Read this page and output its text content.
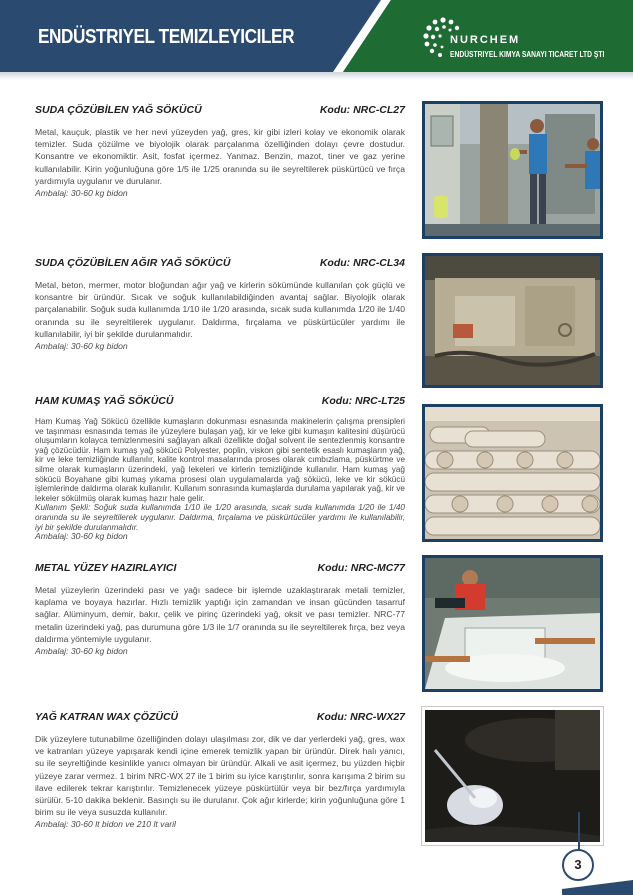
ENDÜSTRIYEL TEMIZLEYICILER	NURCHEM
ENDÜSTRIYEL KIMYA SANAYI TICARET LTD ŞTI
SUDA ÇÖZÜBİLEN YAĞ SÖKÜCÜ	Kodu: NRC-CL27

Metal, kauçuk, plastik ve her nevi yüzeyden yağ, gres, kir gibi izleri kolay ve ekonomik olarak temizler. Suda çözülme ve biyolojik olarak parçalanma özelliğinden dolayı çevre dostudur. Konsantre ve ekonomiktir. Asit, fosfat içermez. Yanmaz. Benzin, mazot, tiner ve gaz yerine kullanılabilir. Kirin yoğunluğuna göre 1/5 ile 1/25 oranında su ile seyreltilerek püskürtücü ve fırça yardımıyla uygulanır ve durulanır.

Ambalaj: 30-60 kg bidon

SUDA ÇÖZÜBİLEN AĞIR YAĞ SÖKÜCÜ	Kodu: NRC-CL34

Metal, beton, mermer, motor bloğundan ağır yağ ve kirlerin sökümünde kullanılan çok güçlü ve konsantre bir üründür. Sıcak ve soğuk kullanılabildiğinden avantaj sağlar. Biyolojik olarak parçalanabilir. Soğuk suda kullanımda 1/10 ile 1/20 arasında, sıcak suda kullanımda 1/20 ile 1/40 oranında su ile seyreltilerek uygulanır. Daldırma, fırçalama ve püskürtücüler yardımı ile kullanılabilir, iyi bir şekilde durulanmalıdır.

Ambalaj: 30-60 kg bidon

HAM KUMAŞ YAĞ SÖKÜCÜ	Kodu: NRC-LT25

Ham Kumaş Yağ Sökücü özellikle kumaşların dokunması esnasında makinelerin çalışma prensipleri ve taşınması esnasında temas ile yüzeylere bulaşan yağ, kir ve leke gibi kumaşın kalitesini düşürücü oluşumların kolayca temizlenmesini sağlayan alkali özellikte doğal solvent ile sentezlenmiş konsantre yağ çözücüdür. Ham kumaş yağ sökücü Polyester, poplin, viskon gibi sentetik esaslı kumaşların yağ, kir ve leke temizliğinde kullanılır, kalite kontrol masalarında proses olarak cımbızlama, püskürtme ve silme olarak kumaşların üzerindeki, yağ lekeleri ve kirlerin temizliğinde kullanılır. Ham kumaş yağ sökücü Boyahane gibi kumaş yıkama prosesi olan uygulamalarda yağ sökücü, leke ve kir sökücü işlemlerinde daldırma olarak kullanılır. Kullanım sonrasında kumaşlarda durulama yapılarak yağ, kir ve lekeler sökülmüş olarak kumaş hazır hale gelir.

Kullanım Şekli: Soğuk suda kullanımda 1/10 ile 1/20 arasında, sıcak suda kullanımda 1/20 ile 1/40 oranında su ile seyreltilerek uygulanır. Daldırma, fırçalama ve püskürtücüler yardımı ile kullanılabilir, iyi bir şekilde durulanmalıdır.

Ambalaj: 30-60 kg bidon

METAL YÜZEY HAZIRLAYICI	Kodu: NRC-MC77

Metal yüzeylerin üzerindeki pası ve yağı sadece bir işlemde uzaklaştırarak metali temizler, kaplama ve boyaya hazırlar. Hızlı temizlik yaptığı için zamandan ve insan gücünden tasarruf sağlar. Alüminyum, demir, bakır, çelik ve pirinç üzerindeki yağ, oksit ve pası temizler. NRC-77 metalin üzerindeki yağ, pas durumuna göre 1/3 ile 1/7 oranında su ile seyreltilerek fırça, bez veya daldırma yöntemiyle uygulanır.

Ambalaj: 30-60 kg bidon

YAĞ KATRAN WAX ÇÖZÜCÜ	Kodu: NRC-WX27

Dik yüzeylere tutunabilme özelliğinden dolayı ulaşılması zor, dik ve dar yerlerdeki yağ, gres, wax ve katranları yüzeye yapışarak kendi içine emerek temizlik yapan bir üründür. Direk halı yanıcı, su ile seyreltiğinde kesinlikle yanıcı olmayan bir üründür. Alkali ve asit içermez, bu yüzden hiçbir yüzeye zarar vermez. 1 birim NRC-WX 27 ile 1 birim su iyice karıştırılır, sonra karışıma 2 birim su ilave edilerek tekrar karıştırılır. Temizlenecek yüzeye püskürtülür veya bir bez/fırça yardımıyla sürülür. 5-10 dakika beklenir. Basınçlı su ile durulanır. Çok ağır kirlerde; kirin yoğunluğuna göre 1 birim su ile veya susuzda kullanılır.

Ambalaj: 30-60 lt bidon ve 210 lt varil

3
